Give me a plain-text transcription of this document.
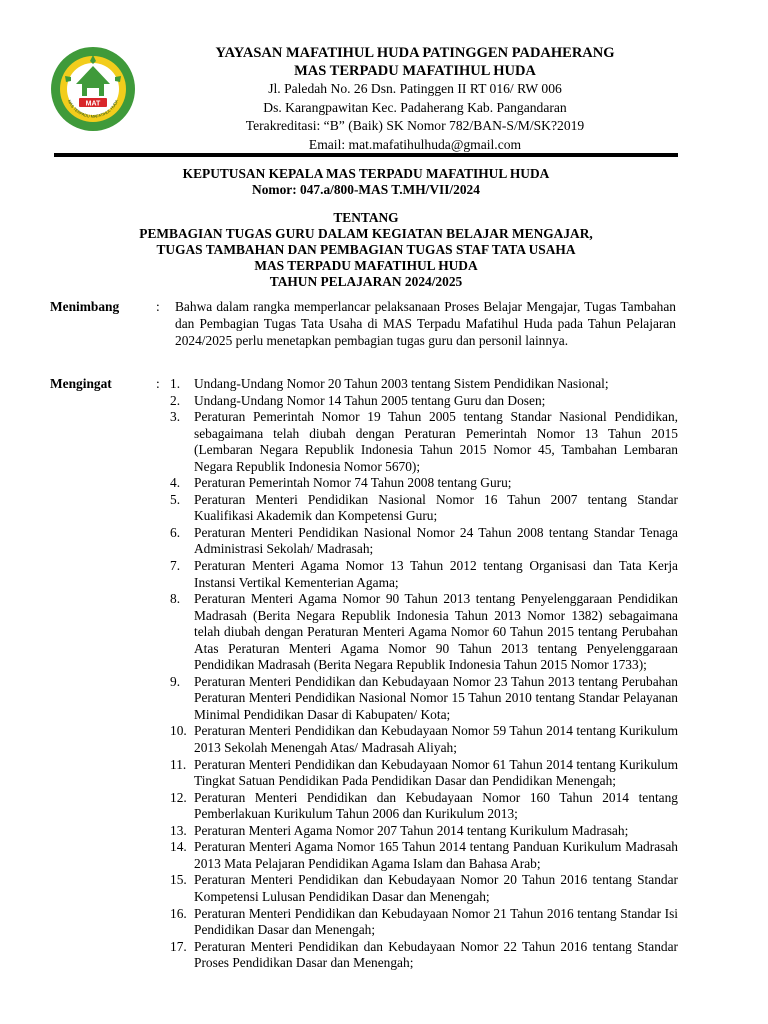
MAT
MAS TERPADU MAFATIHUL HUDA
YAYASAN MAFATIHUL HUDA PATINGGEN PADAHERANG
MAS TERPADU MAFATIHUL HUDA
Jl. Paledah No. 26 Dsn. Patinggen II RT 016/ RW 006
Ds. Karangpawitan Kec. Padaherang Kab. Pangandaran
Terakreditasi: “B” (Baik) SK Nomor 782/BAN-S/M/SK?2019
Email: mat.mafatihulhuda@gmail.com
KEPUTUSAN KEPALA MAS TERPADU MAFATIHUL HUDA
Nomor: 047.a/800-MAS T.MH/VII/2024
TENTANG
PEMBAGIAN TUGAS GURU DALAM KEGIATAN BELAJAR MENGAJAR,
TUGAS TAMBAHAN DAN PEMBAGIAN TUGAS STAF TATA USAHA
MAS TERPADU MAFATIHUL HUDA
TAHUN PELAJARAN 2024/2025
Menimbang	: Bahwa dalam rangka memperlancar pelaksanaan Proses Belajar Mengajar, Tugas Tambahan dan Pembagian Tugas Tata Usaha di MAS Terpadu Mafatihul Huda pada Tahun Pelajaran 2024/2025 perlu menetapkan pembagian tugas guru dan personil lainnya.
Mengingat	: 1. Undang-Undang Nomor 20 Tahun 2003 tentang Sistem Pendidikan Nasional;
2. Undang-Undang Nomor 14 Tahun 2005 tentang Guru dan Dosen;
3. Peraturan Pemerintah Nomor 19 Tahun 2005 tentang Standar Nasional Pendidikan, sebagaimana telah diubah dengan Peraturan Pemerintah Nomor 13 Tahun 2015 (Lembaran Negara Republik Indonesia Tahun 2015 Nomor 45, Tambahan Lembaran Negara Republik Indonesia Nomor 5670);
4. Peraturan Pemerintah Nomor 74 Tahun 2008 tentang Guru;
5. Peraturan Menteri Pendidikan Nasional Nomor 16 Tahun 2007 tentang Standar Kualifikasi Akademik dan Kompetensi Guru;
6. Peraturan Menteri Pendidikan Nasional Nomor 24 Tahun 2008 tentang Standar Tenaga Administrasi Sekolah/ Madrasah;
7. Peraturan Menteri Agama Nomor 13 Tahun 2012 tentang Organisasi dan Tata Kerja Instansi Vertikal Kementerian Agama;
8. Peraturan Menteri Agama Nomor 90 Tahun 2013 tentang Penyelenggaraan Pendidikan Madrasah (Berita Negara Republik Indonesia Tahun 2013 Nomor 1382) sebagaimana telah diubah dengan Peraturan Menteri Agama Nomor 60 Tahun 2015 tentang Perubahan Atas Peraturan Menteri Agama Nomor 90 Tahun 2013 tentang Penyelenggaraan Pendidikan Madrasah (Berita Negara Republik Indonesia Tahun 2015 Nomor 1733);
9. Peraturan Menteri Pendidikan dan Kebudayaan Nomor 23 Tahun 2013 tentang Perubahan Peraturan Menteri Pendidikan Nasional Nomor 15 Tahun 2010 tentang Standar Pelayanan Minimal Pendidikan Dasar di Kabupaten/ Kota;
10. Peraturan Menteri Pendidikan dan Kebudayaan Nomor 59 Tahun 2014 tentang Kurikulum 2013 Sekolah Menengah Atas/ Madrasah Aliyah;
11. Peraturan Menteri Pendidikan dan Kebudayaan Nomor 61 Tahun 2014 tentang Kurikulum Tingkat Satuan Pendidikan Pada Pendidikan Dasar dan Pendidikan Menengah;
12. Peraturan Menteri Pendidikan dan Kebudayaan Nomor 160 Tahun 2014 tentang Pemberlakuan Kurikulum Tahun 2006 dan Kurikulum 2013;
13. Peraturan Menteri Agama Nomor 207 Tahun 2014 tentang Kurikulum Madrasah;
14. Peraturan Menteri Agama Nomor 165 Tahun 2014 tentang Panduan Kurikulum Madrasah 2013 Mata Pelajaran Pendidikan Agama Islam dan Bahasa Arab;
15. Peraturan Menteri Pendidikan dan Kebudayaan Nomor 20 Tahun 2016 tentang Standar Kompetensi Lulusan Pendidikan Dasar dan Menengah;
16. Peraturan Menteri Pendidikan dan Kebudayaan Nomor 21 Tahun 2016 tentang Standar Isi Pendidikan Dasar dan Menengah;
17. Peraturan Menteri Pendidikan dan Kebudayaan Nomor 22 Tahun 2016 tentang Standar Proses Pendidikan Dasar dan Menengah;
